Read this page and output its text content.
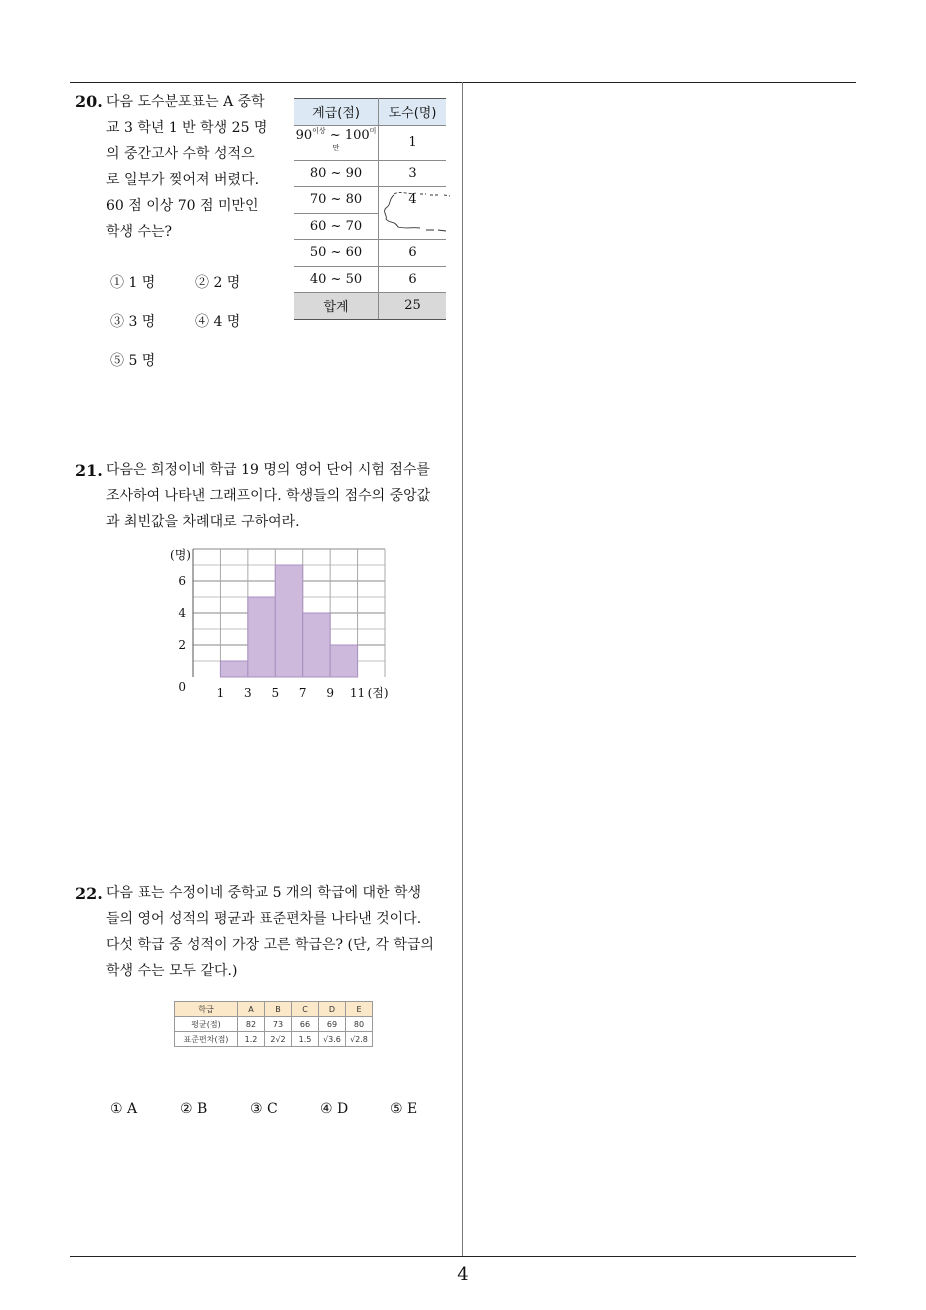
20. 다음 도수분포표는 A 중학
교 3 학년 1 반 학생 25 명
의 중간고사 수학 성적으
로 일부가 찢어져 버렸다.
60 점 이상 70 점 미만인
학생 수는?
계급(점)	도수(명)
$90^{이상}$ ~ $100^{미만}$	1
80 ~ 90	3
70 ~ 80	4
60 ~ 70	
50 ~ 60	6
40 ~ 50	6
합계	25
① 1 명	② 2 명
③ 3 명	④ 4 명
⑤ 5 명
21. 다음은 희정이네 학급 19 명의 영어 단어 시험 점수를
조사하여 나타낸 그래프이다. 학생들의 점수의 중앙값
과 최빈값을 차례대로 구하여라.
1 3 5 7 9 11
2
4
6
0
(명)
(점)
22. 다음 표는 수정이네 중학교 5 개의 학급에 대한 학생
들의 영어 성적의 평균과 표준편차를 나타낸 것이다.
다섯 학급 중 성적이 가장 고른 학급은? (단, 각 학급의
학생 수는 모두 같다.)
학급	A	B	C	D	E
평균(점)	82	73	66	69	80
표준편차(점)	1.2	2√2	1.5	√3.6	√2.8
① A	② B	③ C	④ D	⑤ E
4
